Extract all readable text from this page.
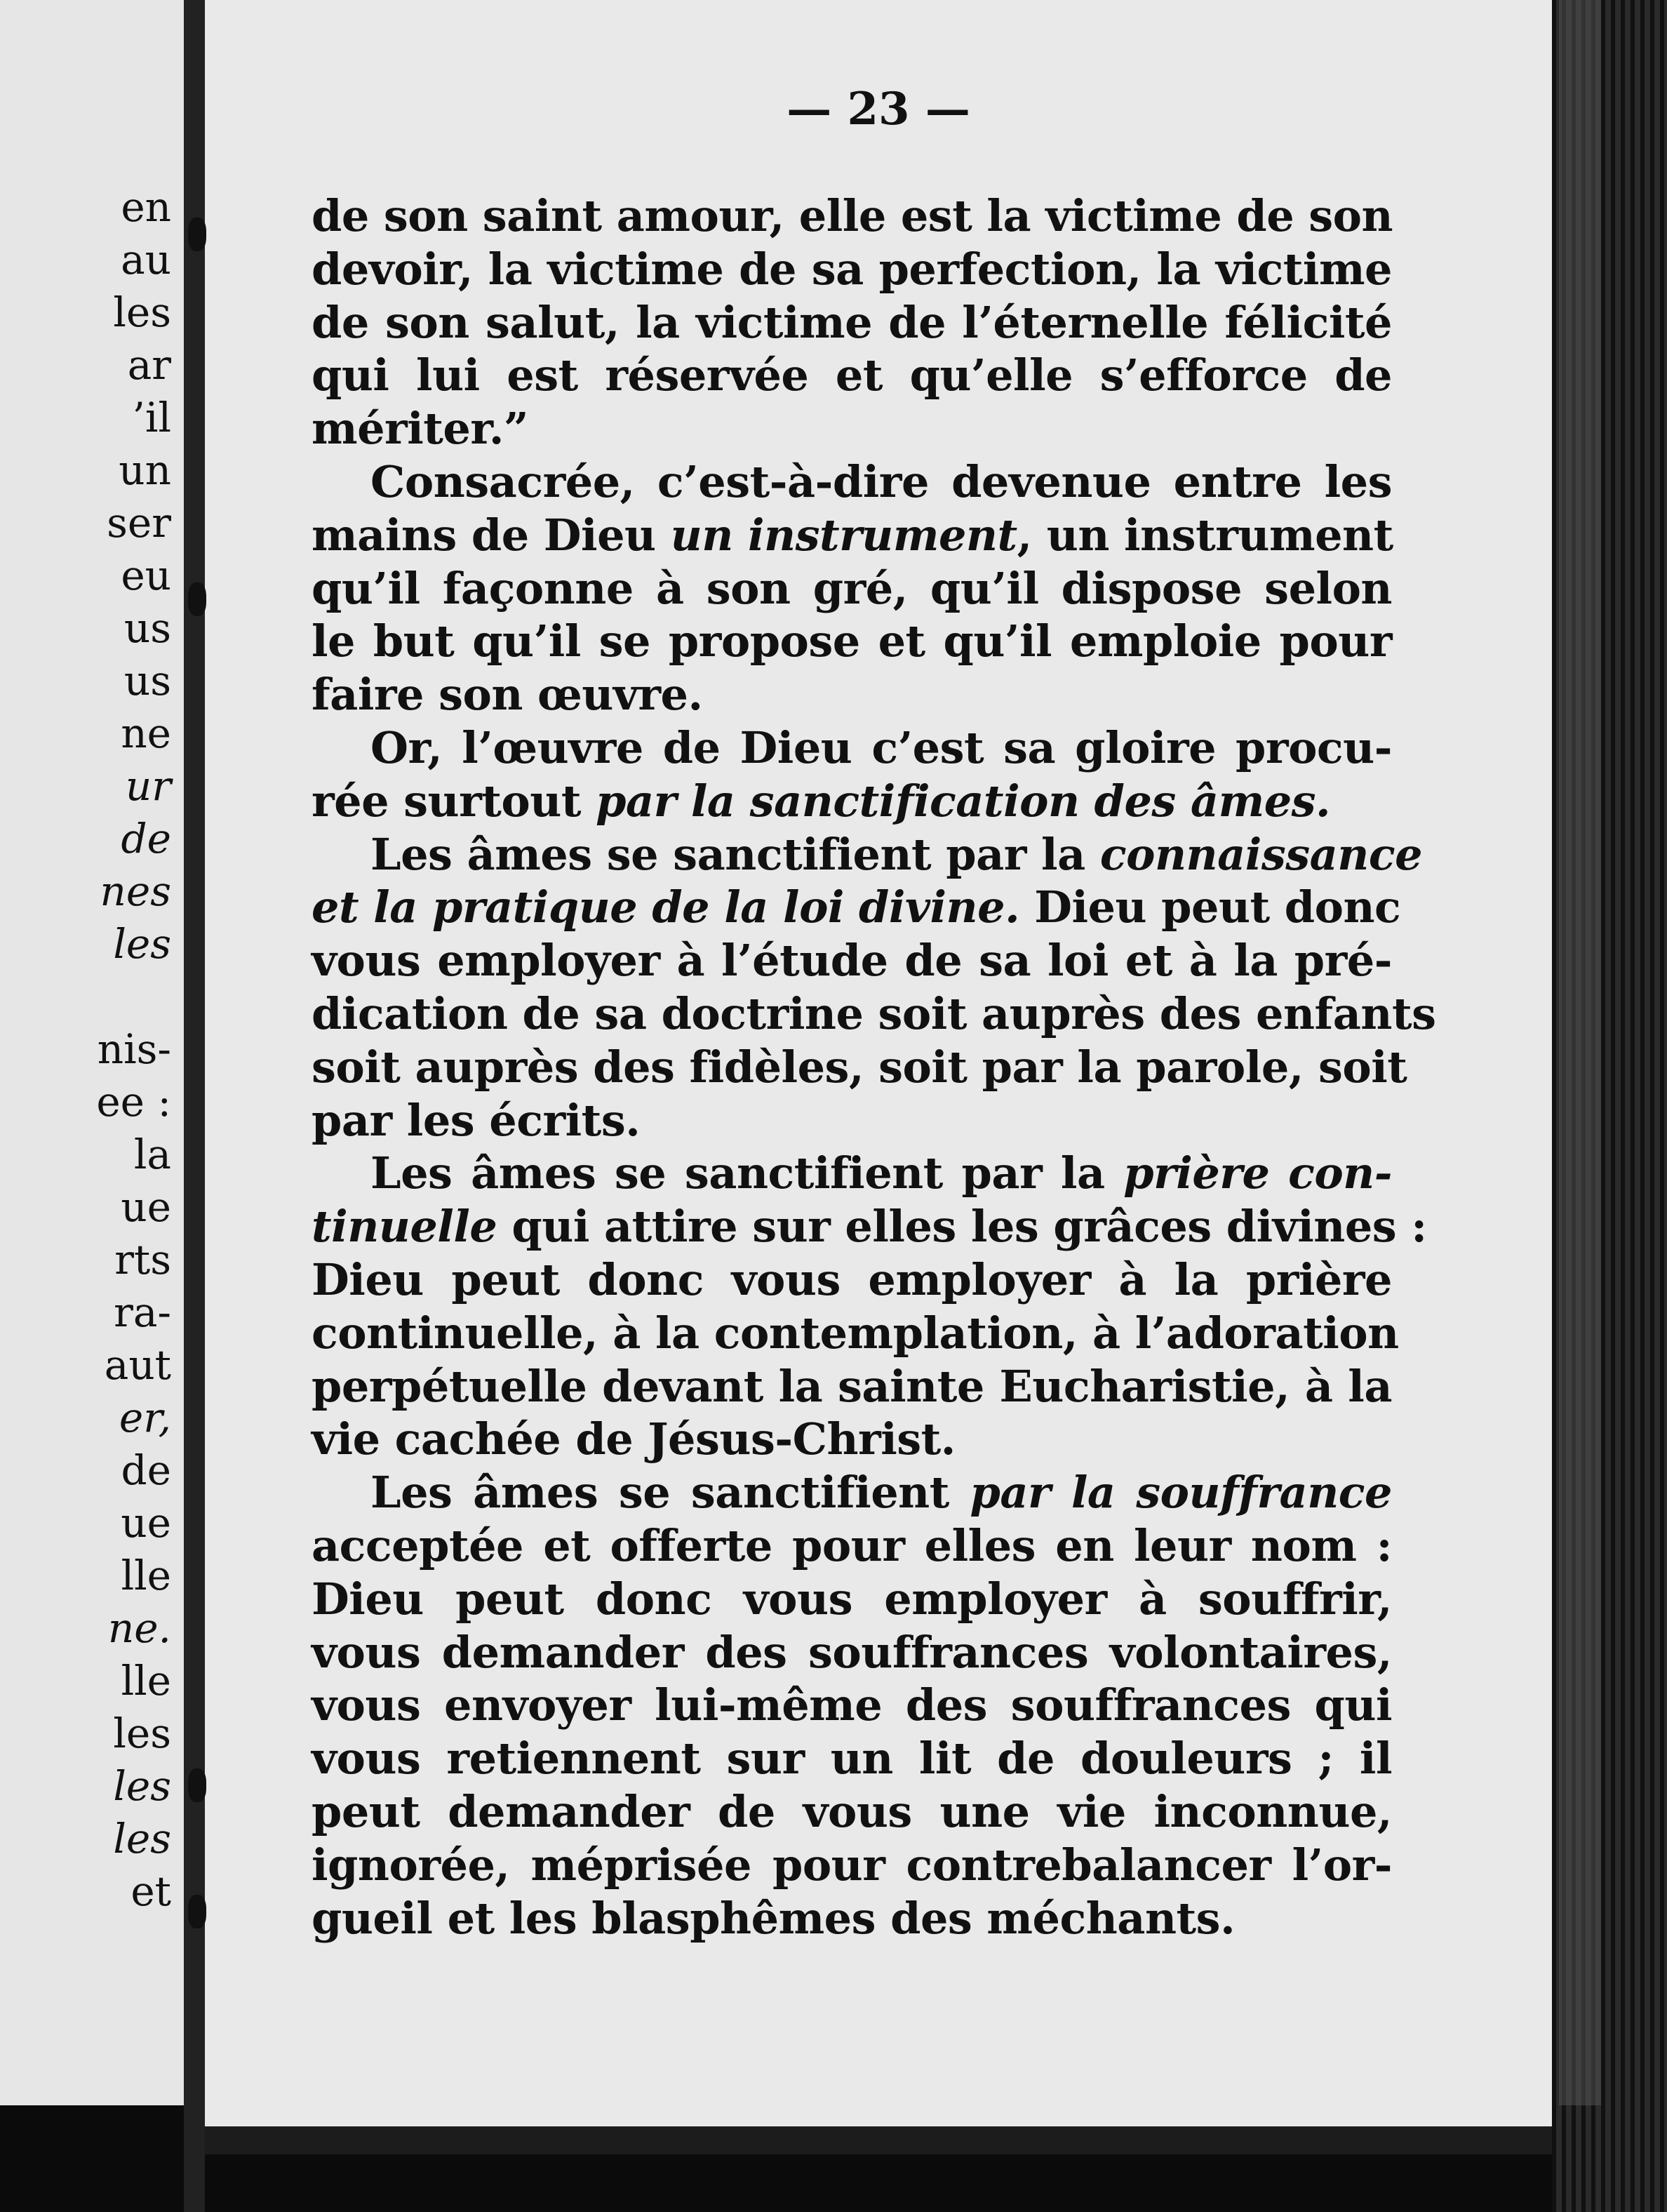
en
au
les
ar
’il
un
ser
eu
us
us
ne
ur
de
nes
les
nis-
ee :
la
ue
rts
ra-
aut
er,
de
ue
lle
ne.
lle
les
les
les
et
— 23 —

de son saint amour, elle est la victime de son
devoir, la victime de sa perfection, la victime
de son salut, la victime de l’éternelle félicité
qui lui est réservée et qu’elle s’efforce de
mériter.”

Consacrée, c’est-à-dire devenue entre les
mains de Dieu un instrument, un instrument
qu’il façonne à son gré, qu’il dispose selon
le but qu’il se propose et qu’il emploie pour
faire son œuvre.

Or, l’œuvre de Dieu c’est sa gloire procu-
rée surtout par la sanctification des âmes.

Les âmes se sanctifient par la connaissance
et la pratique de la loi divine. Dieu peut donc
vous employer à l’étude de sa loi et à la pré-
dication de sa doctrine soit auprès des enfants
soit auprès des fidèles, soit par la parole, soit
par les écrits.

Les âmes se sanctifient par la prière con-
tinuelle qui attire sur elles les grâces divines :
Dieu peut donc vous employer à la prière
continuelle, à la contemplation, à l’adoration
perpétuelle devant la sainte Eucharistie, à la
vie cachée de Jésus-Christ.

Les âmes se sanctifient par la souffrance
acceptée et offerte pour elles en leur nom :
Dieu peut donc vous employer à souffrir,
vous demander des souffrances volontaires,
vous envoyer lui-même des souffrances qui
vous retiennent sur un lit de douleurs ; il
peut demander de vous une vie inconnue,
ignorée, méprisée pour contrebalancer l’or-
gueil et les blasphêmes des méchants.
